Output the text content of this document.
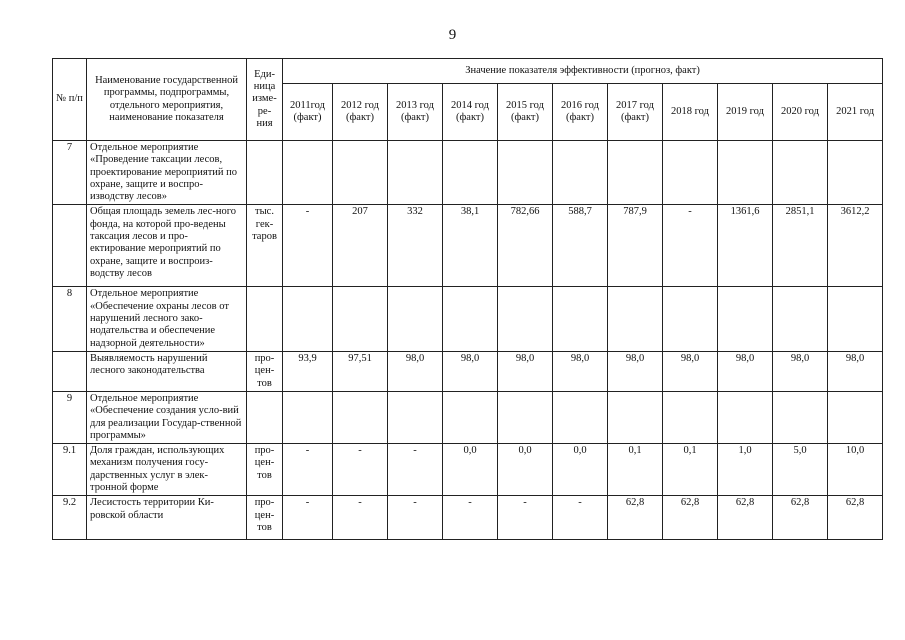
9
№ п/п	Наименование государственной программы, подпрограммы, отдельного мероприятия, наименование показателя	Еди-ница изме-ре-ния	Значение показателя эффективности (прогноз, факт)										
			2011год (факт)	2012 год (факт)	2013 год (факт)	2014 год (факт)	2015 год (факт)	2016 год (факт)	2017 год (факт)	2018 год	2019 год	2020 год	2021 год
7	Отдельное мероприятие «Проведение таксации лесов, проектирование мероприятий по охране, защите и воспро-изводству лесов»												
	Общая площадь земель лес-ного фонда, на которой про-ведены таксация лесов и про-ектирование мероприятий по охране, защите и воспроиз-водству лесов	тыс. гек-таров	-	207	332	38,1	782,66	588,7	787,9	-	1361,6	2851,1	3612,2
8	Отдельное мероприятие «Обеспечение охраны лесов от нарушений лесного зако-нодательства и обеспечение надзорной деятельности»												
	Выявляемость нарушений лесного законодательства	про-цен-тов	93,9	97,51	98,0	98,0	98,0	98,0	98,0	98,0	98,0	98,0	98,0
9	Отдельное мероприятие «Обеспечение создания усло-вий для реализации Государ-ственной программы»												
9.1	Доля граждан, использующих механизм получения госу-дарственных услуг в элек-тронной форме	про-цен-тов	-	-	-	0,0	0,0	0,0	0,1	0,1	1,0	5,0	10,0
9.2	Лесистость территории Ки-ровской области	про-цен-тов	-	-	-	-	-	-	62,8	62,8	62,8	62,8	62,8
